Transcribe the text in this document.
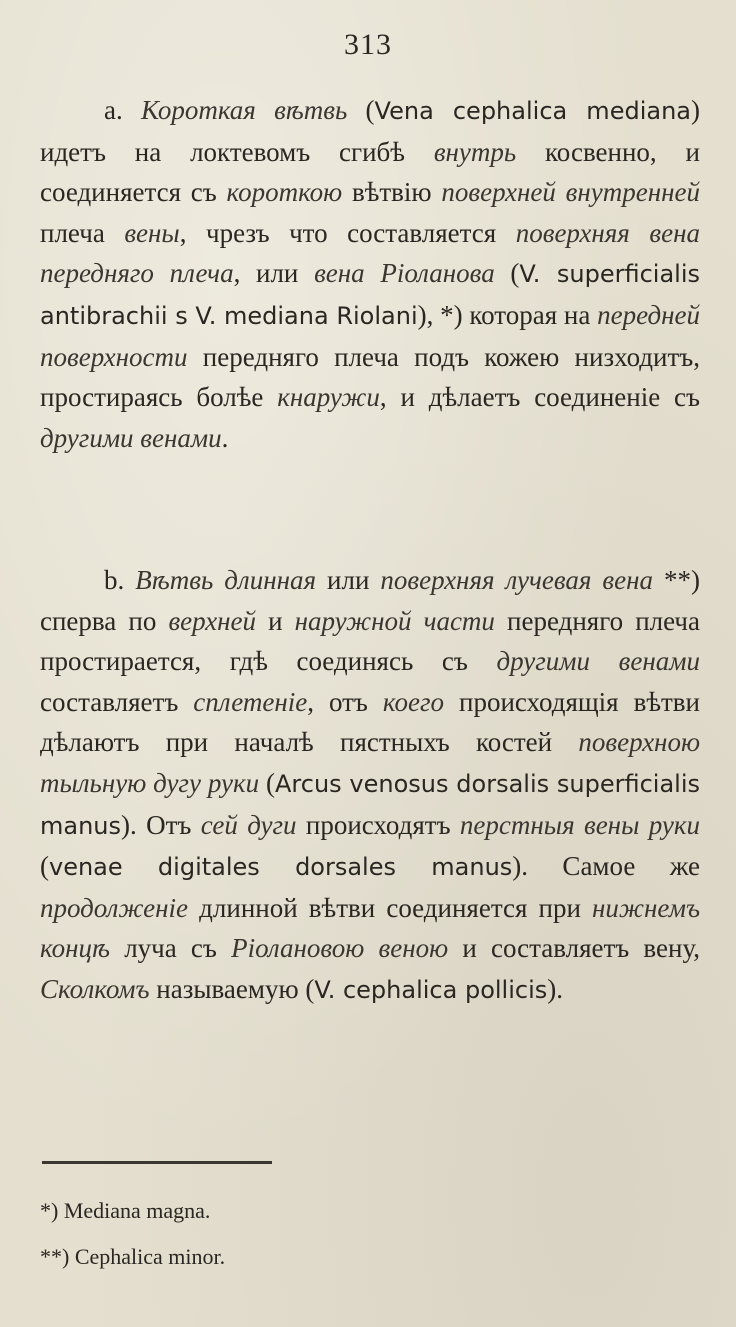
313

a. Короткая вѣтвь (Vena cephalica mediana) идетъ на локтевомъ сгибѣ внутрь косвенно, и соединяется съ короткою вѣтвію поверхней внутренней плеча вены, чрезъ что составляется поверхняя вена передняго плеча, или вена Ріоланова (V. superficialis antibrachii s V. mediana Riolani), *) которая на передней поверхности передняго плеча подъ кожею низходитъ, простираясь болѣе кнаружи, и дѣлаетъ соединеніе съ другими венами.

b. Вѣтвь длинная или поверхняя лучевая вена **) сперва по верхней и наружной части передняго плеча простирается, гдѣ соединясь съ другими венами составляетъ сплетеніе, отъ коего происходящія вѣтви дѣлаютъ при началѣ пястныхъ костей поверхною тыльную дугу руки (Arcus venosus dorsalis superficialis manus). Отъ сей дуги происходятъ перстныя вены руки (venae digitales dorsales manus). Самое же продолженіе длинной вѣтви соединяется при нижнемъ концѣ луча съ Ріолановою веною и составляетъ вену, Сколкомъ называемую (V. cephalica pollicis).

*) Mediana magna.

**) Cephalica minor.
